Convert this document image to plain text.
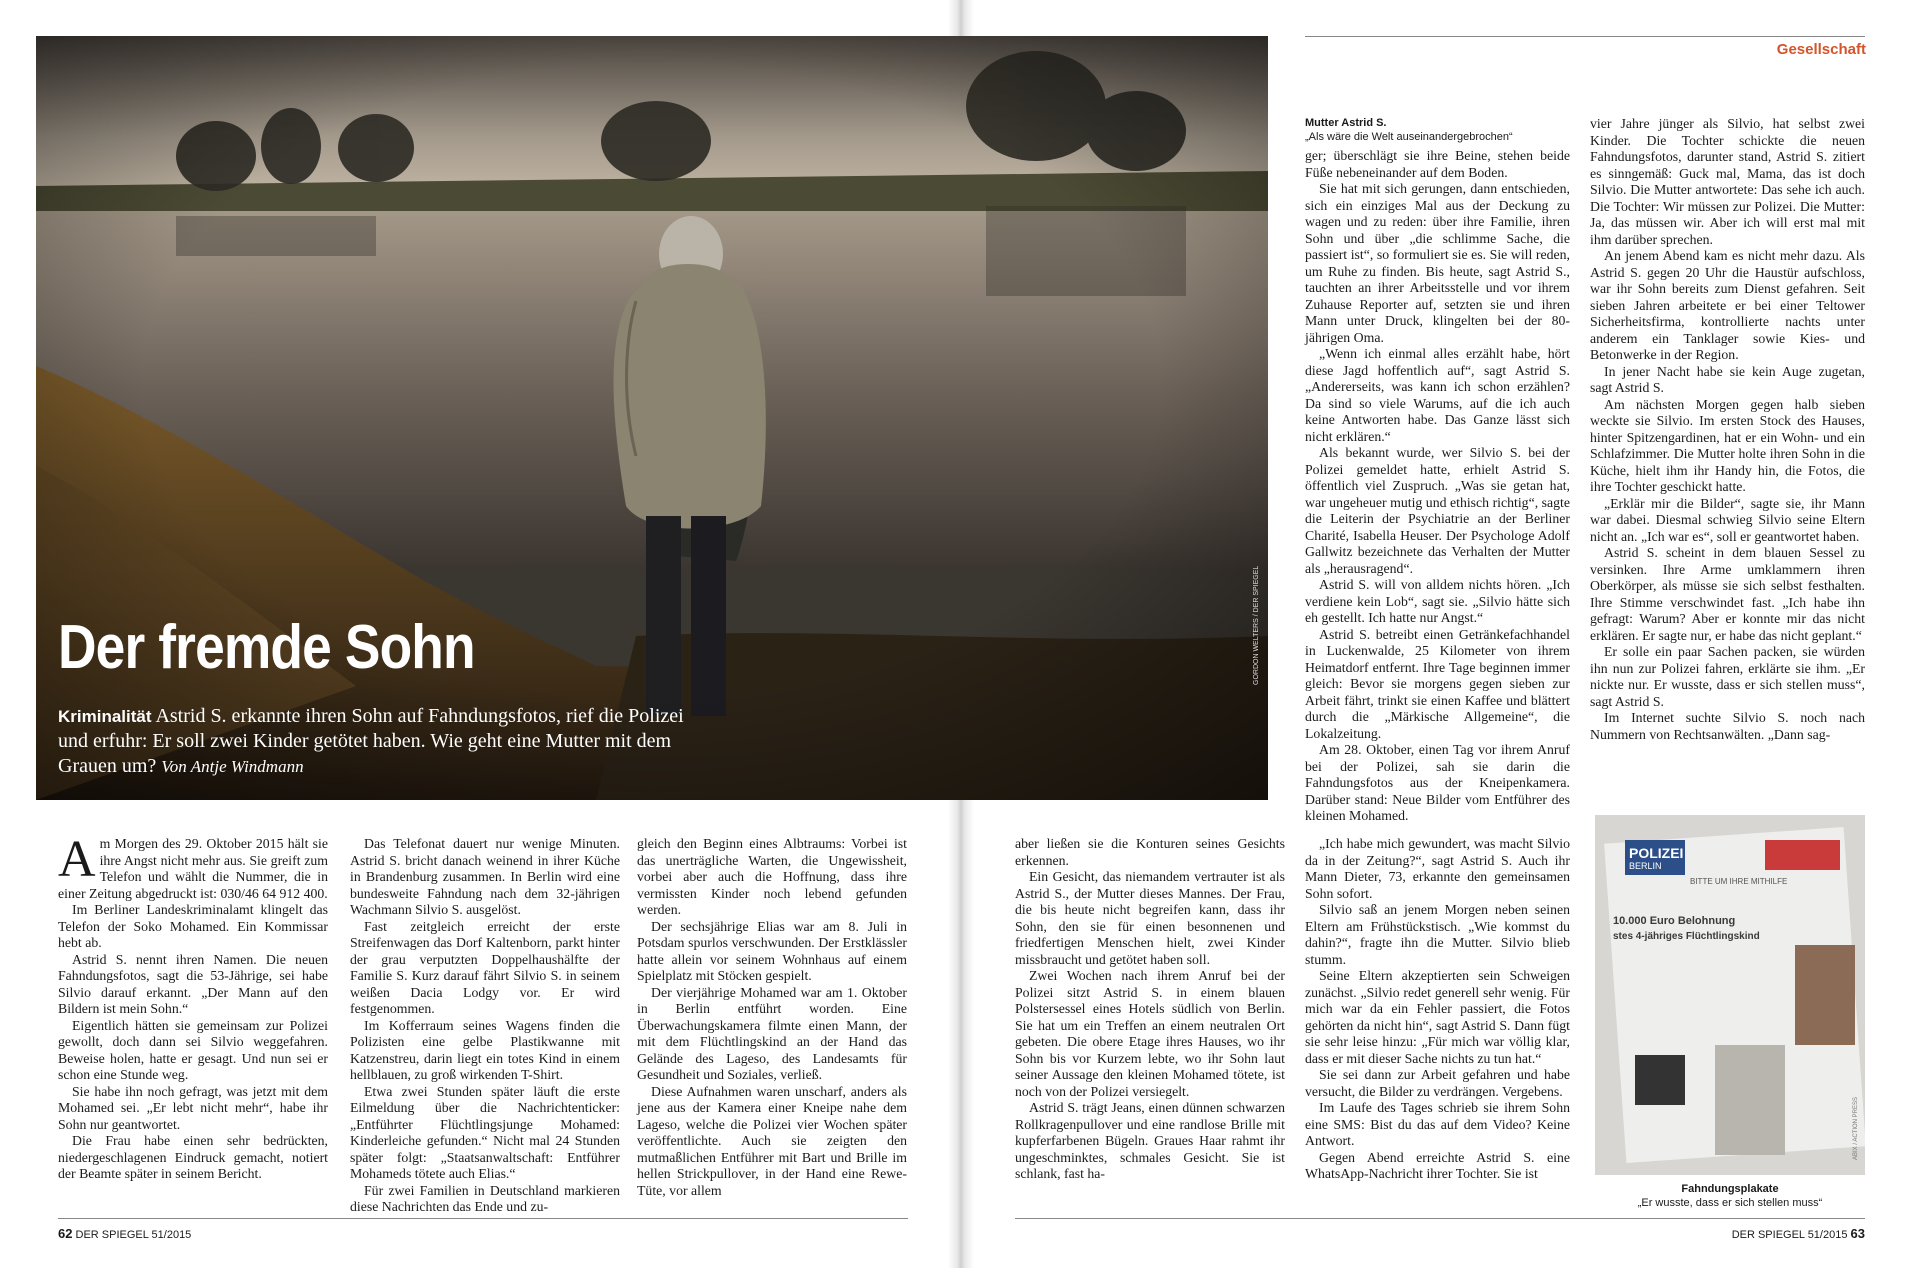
Der fremde Sohn
Kriminalität Astrid S. erkannte ihren Sohn auf Fahndungsfotos, rief die Polizei und erfuhr: Er soll zwei Kinder getötet haben. Wie geht eine Mutter mit dem Grauen um? Von Antje Windmann
GORDON WELTERS / DER SPIEGEL
A m Morgen des 29. Oktober 2015 hält sie ihre Angst nicht mehr aus. Sie greift zum Telefon und wählt die Nummer, die in einer Zeitung abgedruckt ist: 030/46 64 912 400.

Im Berliner Landeskriminalamt klingelt das Telefon der Soko Mohamed. Ein Kommissar hebt ab.

Astrid S. nennt ihren Namen. Die neuen Fahndungsfotos, sagt die 53-Jährige, sei habe Silvio darauf erkannt. „Der Mann auf den Bildern ist mein Sohn.“

Eigentlich hätten sie gemeinsam zur Polizei gewollt, doch dann sei Silvio weggefahren. Beweise holen, hatte er gesagt. Und nun sei er schon eine Stunde weg.

Sie habe ihn noch gefragt, was jetzt mit dem Mohamed sei. „Er lebt nicht mehr“, habe ihr Sohn nur geantwortet.

Die Frau habe einen sehr bedrückten, niedergeschlagenen Eindruck gemacht, notiert der Beamte später in seinem Bericht.

Das Telefonat dauert nur wenige Minuten. Astrid S. bricht danach weinend in ihrer Küche in Brandenburg zusammen. In Berlin wird eine bundesweite Fahndung nach dem 32-jährigen Wachmann Silvio S. ausgelöst.

Fast zeitgleich erreicht der erste Streifenwagen das Dorf Kaltenborn, parkt hinter der grau verputzten Doppelhaushälfte der Familie S. Kurz darauf fährt Silvio S. in seinem weißen Dacia Lodgy vor. Er wird festgenommen.

Im Kofferraum seines Wagens finden die Polizisten eine gelbe Plastikwanne mit Katzenstreu, darin liegt ein totes Kind in einem hellblauen, zu groß wirkenden T-Shirt.

Etwa zwei Stunden später läuft die erste Eilmeldung über die Nachrichtenticker: „Entführter Flüchtlingsjunge Mohamed: Kinderleiche gefunden.“ Nicht mal 24 Stunden später folgt: „Staatsanwaltschaft: Entführer Mohameds tötete auch Elias.“

Für zwei Familien in Deutschland markieren diese Nachrichten das Ende und zu-

gleich den Beginn eines Albtraums: Vorbei ist das unerträgliche Warten, die Ungewissheit, vorbei aber auch die Hoffnung, dass ihre vermissten Kinder noch lebend gefunden werden.

Der sechsjährige Elias war am 8. Juli in Potsdam spurlos verschwunden. Der Erstklässler hatte allein vor seinem Wohnhaus auf einem Spielplatz mit Stöcken gespielt.

Der vierjährige Mohamed war am 1. Oktober in Berlin entführt worden. Eine Überwachungskamera filmte einen Mann, der mit dem Flüchtlingskind an der Hand das Gelände des Lageso, des Landesamts für Gesundheit und Soziales, verließ.

Diese Aufnahmen waren unscharf, anders als jene aus der Kamera einer Kneipe nahe dem Lageso, welche die Polizei vier Wochen später veröffentlichte. Auch sie zeigten den mutmaßlichen Entführer mit Bart und Brille im hellen Strickpullover, in der Hand eine Rewe-Tüte, vor allem

Gesellschaft
Mutter Astrid S.
„Als wäre die Welt auseinandergebrochen“

ger; überschlägt sie ihre Beine, stehen beide Füße nebeneinander auf dem Boden.

Sie hat mit sich gerungen, dann entschieden, sich ein einziges Mal aus der Deckung zu wagen und zu reden: über ihre Familie, ihren Sohn und über „die schlimme Sache, die passiert ist“, so formuliert sie es. Sie will reden, um Ruhe zu finden. Bis heute, sagt Astrid S., tauchten an ihrer Arbeitsstelle und vor ihrem Zuhause Reporter auf, setzten sie und ihren Mann unter Druck, klingelten bei der 80-jährigen Oma.

„Wenn ich einmal alles erzählt habe, hört diese Jagd hoffentlich auf“, sagt Astrid S. „Andererseits, was kann ich schon erzählen? Da sind so viele Warums, auf die ich auch keine Antworten habe. Das Ganze lässt sich nicht erklären.“

Als bekannt wurde, wer Silvio S. bei der Polizei gemeldet hatte, erhielt Astrid S. öffentlich viel Zuspruch. „Was sie getan hat, war ungeheuer mutig und ethisch richtig“, sagte die Leiterin der Psychiatrie an der Berliner Charité, Isabella Heuser. Der Psychologe Adolf Gallwitz bezeichnete das Verhalten der Mutter als „herausragend“.

Astrid S. will von alldem nichts hören. „Ich verdiene kein Lob“, sagt sie. „Silvio hätte sich eh gestellt. Ich hatte nur Angst.“

Astrid S. betreibt einen Getränkefachhandel in Luckenwalde, 25 Kilometer von ihrem Heimatdorf entfernt. Ihre Tage beginnen immer gleich: Bevor sie morgens gegen sieben zur Arbeit fährt, trinkt sie einen Kaffee und blättert durch die „Märkische Allgemeine“, die Lokalzeitung.

Am 28. Oktober, einen Tag vor ihrem Anruf bei der Polizei, sah sie darin die Fahndungsfotos aus der Kneipenkamera. Darüber stand: Neue Bilder vom Entführer des kleinen Mohamed.

aber ließen sie die Konturen seines Gesichts erkennen.

Ein Gesicht, das niemandem vertrauter ist als Astrid S., der Mutter dieses Mannes. Der Frau, die bis heute nicht begreifen kann, dass ihr Sohn, den sie für einen besonnenen und friedfertigen Menschen hielt, zwei Kinder missbraucht und getötet haben soll.

Zwei Wochen nach ihrem Anruf bei der Polizei sitzt Astrid S. in einem blauen Polstersessel eines Hotels südlich von Berlin. Sie hat um ein Treffen an einem neutralen Ort gebeten. Die obere Etage ihres Hauses, wo ihr Sohn bis vor Kurzem lebte, wo ihr Sohn laut seiner Aussage den kleinen Mohamed tötete, ist noch von der Polizei versiegelt.

Astrid S. trägt Jeans, einen dünnen schwarzen Rollkragenpullover und eine randlose Brille mit kupferfarbenen Bügeln. Graues Haar rahmt ihr ungeschminktes, schmales Gesicht. Sie ist schlank, fast ha-

„Ich habe mich gewundert, was macht Silvio da in der Zeitung?“, sagt Astrid S. Auch ihr Mann Dieter, 73, erkannte den gemeinsamen Sohn sofort.

Silvio saß an jenem Morgen neben seinen Eltern am Frühstückstisch. „Wie kommst du dahin?“, fragte ihn die Mutter. Silvio blieb stumm.

Seine Eltern akzeptierten sein Schweigen zunächst. „Silvio redet generell sehr wenig. Für mich war da ein Fehler passiert, die Fotos gehörten da nicht hin“, sagt Astrid S. Dann fügt sie sehr leise hinzu: „Für mich war völlig klar, dass er mit dieser Sache nichts zu tun hat.“

Sie sei dann zur Arbeit gefahren und habe versucht, die Bilder zu verdrängen. Vergebens.

Im Laufe des Tages schrieb sie ihrem Sohn eine SMS: Bist du das auf dem Video? Keine Antwort.

Gegen Abend erreichte Astrid S. eine WhatsApp-Nachricht ihrer Tochter. Sie ist

vier Jahre jünger als Silvio, hat selbst zwei Kinder. Die Tochter schickte die neuen Fahndungsfotos, darunter stand, Astrid S. zitiert es sinngemäß: Guck mal, Mama, das ist doch Silvio. Die Mutter antwortete: Das sehe ich auch. Die Tochter: Wir müssen zur Polizei. Die Mutter: Ja, das müssen wir. Aber ich will erst mal mit ihm darüber sprechen.

An jenem Abend kam es nicht mehr dazu. Als Astrid S. gegen 20 Uhr die Haustür aufschloss, war ihr Sohn bereits zum Dienst gefahren. Seit sieben Jahren arbeitete er bei einer Teltower Sicherheitsfirma, kontrollierte nachts unter anderem ein Tanklager sowie Kies- und Betonwerke in der Region.

In jener Nacht habe sie kein Auge zugetan, sagt Astrid S.

Am nächsten Morgen gegen halb sieben weckte sie Silvio. Im ersten Stock des Hauses, hinter Spitzengardinen, hat er ein Wohn- und ein Schlafzimmer. Die Mutter holte ihren Sohn in die Küche, hielt ihm ihr Handy hin, die Fotos, die ihre Tochter geschickt hatte.

„Erklär mir die Bilder“, sagte sie, ihr Mann war dabei. Diesmal schwieg Silvio seine Eltern nicht an. „Ich war es“, soll er geantwortet haben.

Astrid S. scheint in dem blauen Sessel zu versinken. Ihre Arme umklammern ihren Oberkörper, als müsse sie sich selbst festhalten. Ihre Stimme verschwindet fast. „Ich habe ihn gefragt: Warum? Aber er konnte mir das nicht erklären. Er sagte nur, er habe das nicht geplant.“

Er solle ein paar Sachen packen, sie würden ihn nun zur Polizei fahren, erklärte sie ihm. „Er nickte nur. Er wusste, dass er sich stellen muss“, sagt Astrid S.

Im Internet suchte Silvio S. noch nach Nummern von Rechtsanwälten. „Dann sag-

POLIZEI
BERLIN
BITTE UM IHRE MITHILFE
10.000 Euro Belohnung
stes 4-jähriges Flüchtlingskind
ABIX / ACTION PRESS
Fahndungsplakate
„Er wusste, dass er sich stellen muss“
62 DER SPIEGEL 51/2015	DER SPIEGEL 51/2015 63
